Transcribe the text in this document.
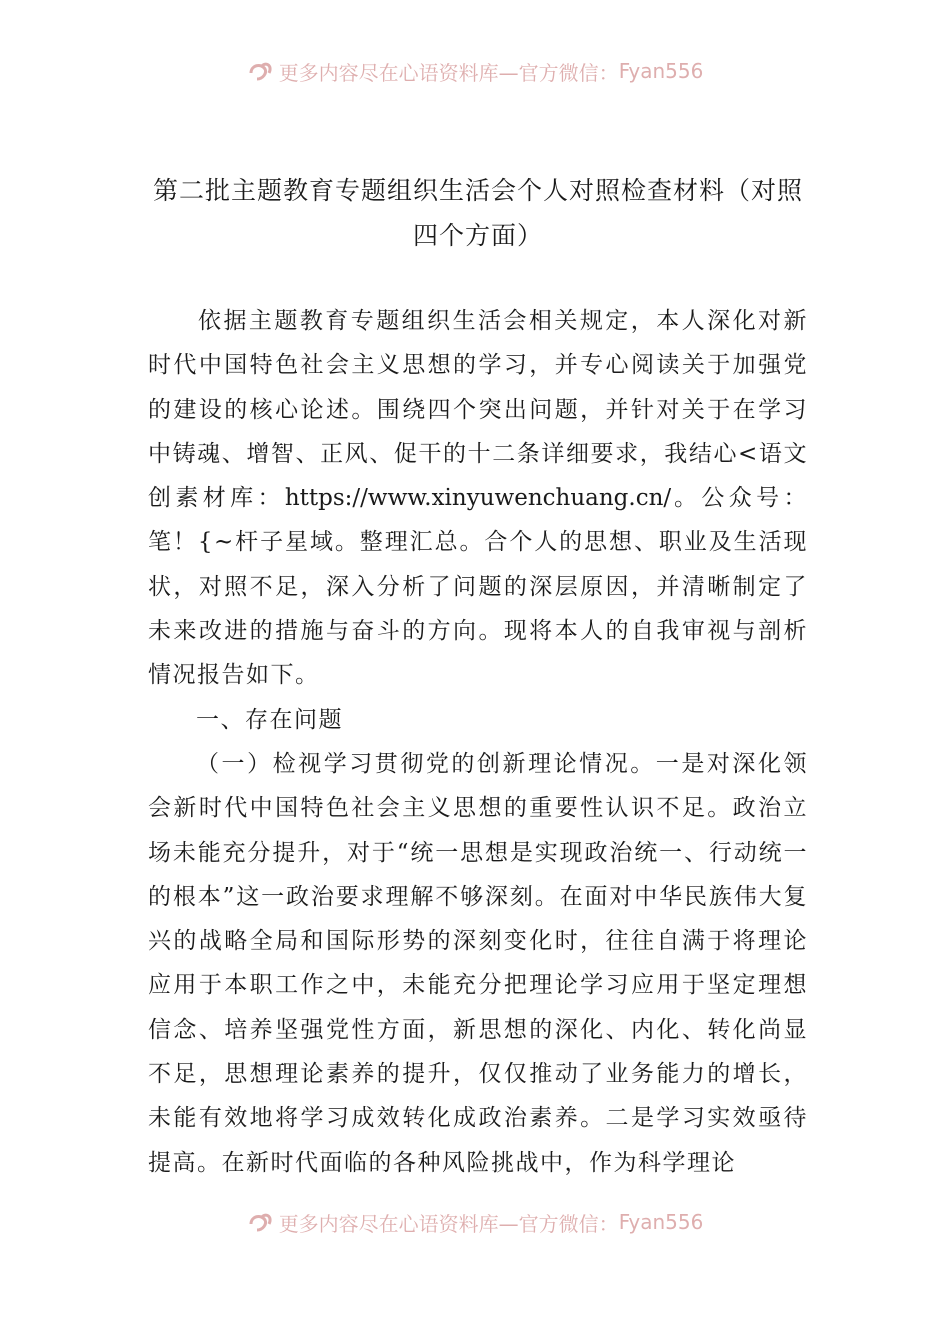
更多内容尽在心语资料库—官方微信： Fyan556
第二批主题教育专题组织生活会个人对照检查材料（对照
四个方面）

依据主题教育专题组织生活会相关规定，本人深化对新时代中国特色社会主义思想的学习，并专心阅读关于加强党的建设的核心论述。围绕四个突出问题，并针对关于在学习中铸魂、增智、正风、促干的十二条详细要求，我结心<语文创素材库：https://www.xinyuwenchuang.cn/。公众号：笔！{~杆子星域。整理汇总。合个人的思想、职业及生活现状，对照不足，深入分析了问题的深层原因，并清晰制定了未来改进的措施与奋斗的方向。现将本人的自我审视与剖析情况报告如下。

一、存在问题

（一）检视学习贯彻党的创新理论情况。一是对深化领会新时代中国特色社会主义思想的重要性认识不足。政治立场未能充分提升，对于“统一思想是实现政治统一、行动统一的根本”这一政治要求理解不够深刻。在面对中华民族伟大复兴的战略全局和国际形势的深刻变化时，往往自满于将理论应用于本职工作之中，未能充分把理论学习应用于坚定理想信念、培养坚强党性方面，新思想的深化、内化、转化尚显不足，思想理论素养的提升，仅仅推动了业务能力的增长，未能有效地将学习成效转化成政治素养。二是学习实效亟待提高。在新时代面临的各种风险挑战中，作为科学理论

更多内容尽在心语资料库—官方微信： Fyan556
